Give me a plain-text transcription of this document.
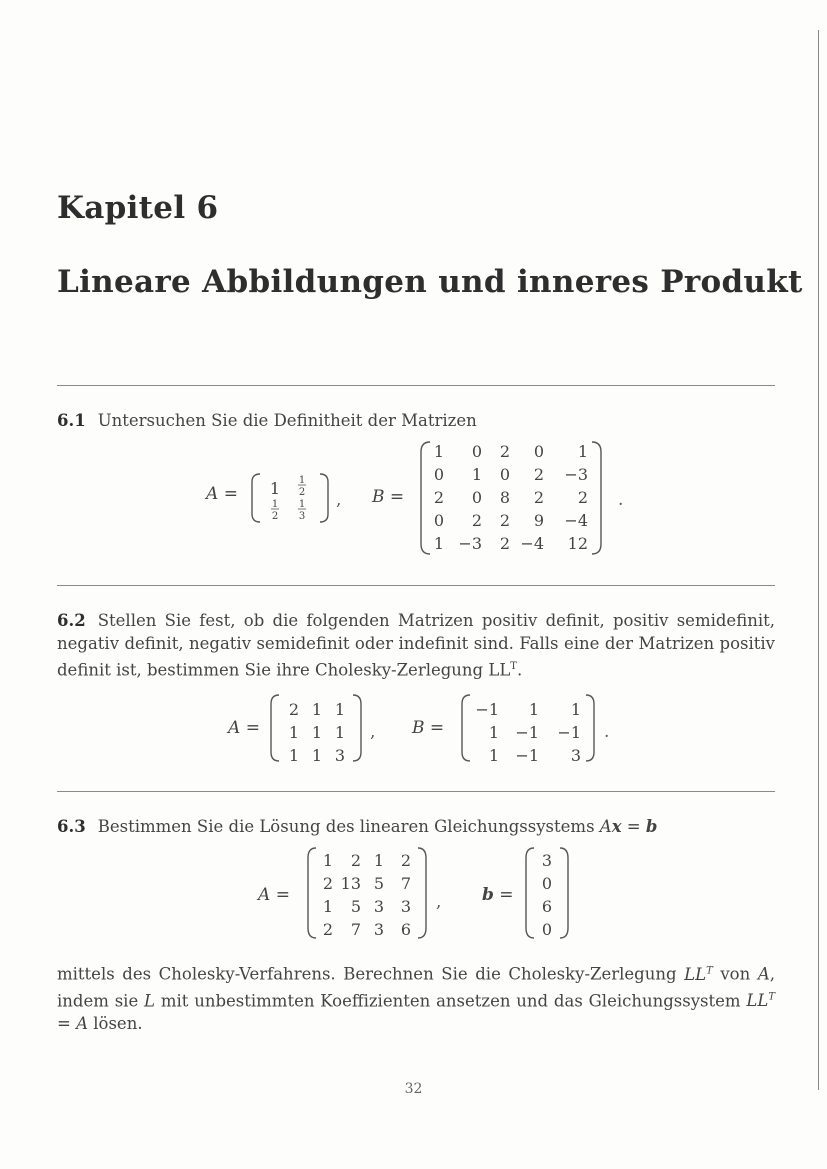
Kapitel 6
Lineare Abbildungen und inneres Produkt
6.1 Untersuchen Sie die Definitheit der Matrizen
A = 1 1
2
1
2
1
3
, B =
1 0 2 0 1
0 1 0 2 −3
2 0 8 2 2
0 2 2 9 −4
1 −3 2 −4 12
.
6.2 Stellen Sie fest, ob die folgenden Matrizen positiv definit, positiv semidefinit, negativ definit, negativ semidefinit oder indefinit sind. Falls eine der Matrizen positiv definit ist, bestimmen Sie ihre Cholesky-Zerlegung $LL^T$.
A =
2 1 1
1 1 1
1 1 3
, B =
−1 1 1
1 −1 −1
1 −1 3
.
6.3 Bestimmen Sie die Lösung des linearen Gleichungssystems Ax = b
A =
1 2 1 2
2 13 5 7
1 5 3 3
2 7 3 6
, b =
3
0
6
0
mittels des Cholesky-Verfahrens. Berechnen Sie die Cholesky-Zerlegung $LL^T$ von A, indem sie L mit unbestimmten Koeffizienten ansetzen und das Gleichungssystem $LL^T = A$ lösen.
32
